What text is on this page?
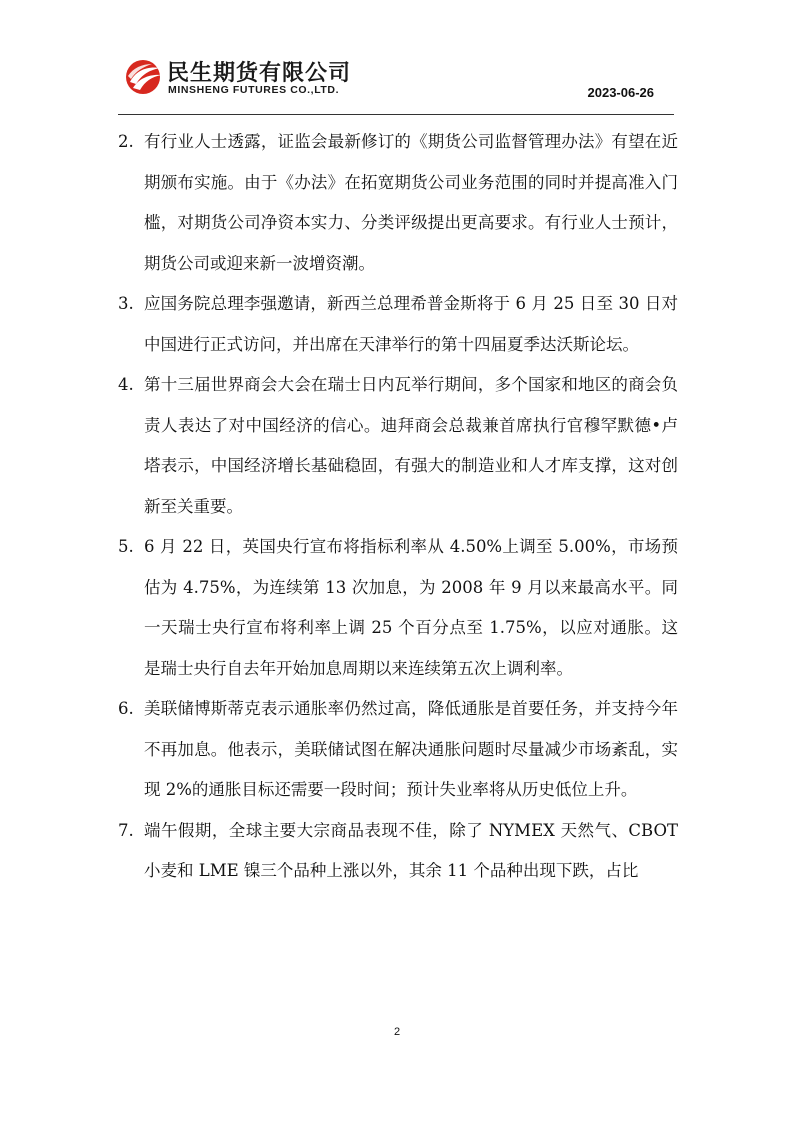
民生期货有限公司
MINSHENG FUTURES CO.,LTD.	2023-06-26

2. 有行业人士透露，证监会最新修订的《期货公司监督管理办法》有望在近期颁布实施。由于《办法》在拓宽期货公司业务范围的同时并提高准入门槛，对期货公司净资本实力、分类评级提出更高要求。有行业人士预计，期货公司或迎来新一波增资潮。

3. 应国务院总理李强邀请，新西兰总理希普金斯将于 6 月 25 日至 30 日对中国进行正式访问，并出席在天津举行的第十四届夏季达沃斯论坛。

4. 第十三届世界商会大会在瑞士日内瓦举行期间，多个国家和地区的商会负责人表达了对中国经济的信心。迪拜商会总裁兼首席执行官穆罕默德•卢塔表示，中国经济增长基础稳固，有强大的制造业和人才库支撑，这对创新至关重要。

5. 6 月 22 日，英国央行宣布将指标利率从 4.50%上调至 5.00%，市场预估为 4.75%，为连续第 13 次加息，为 2008 年 9 月以来最高水平。同一天瑞士央行宣布将利率上调 25 个百分点至 1.75%，以应对通胀。这是瑞士央行自去年开始加息周期以来连续第五次上调利率。

6. 美联储博斯蒂克表示通胀率仍然过高，降低通胀是首要任务，并支持今年不再加息。他表示，美联储试图在解决通胀问题时尽量减少市场紊乱，实现 2%的通胀目标还需要一段时间；预计失业率将从历史低位上升。

7. 端午假期，全球主要大宗商品表现不佳，除了 NYMEX 天然气、CBOT 小麦和 LME 镍三个品种上涨以外，其余 11 个品种出现下跌，占比

2
